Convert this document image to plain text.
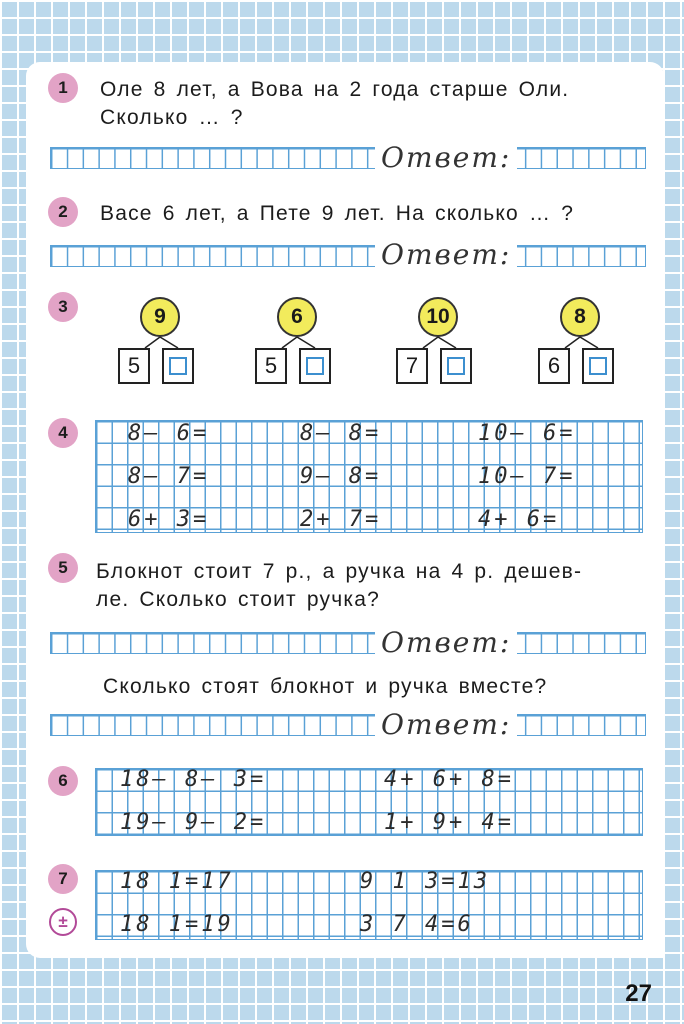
1	Оле 8 лет, а Вова на 2 года старше Оли.
Сколько … ?
Ответ:
2	Васе 6 лет, а Пете 9 лет. На сколько … ?
Ответ:
3	9
5
6
5
10
7
8
6
4	8– 6=	8– 8=	10– 6=
8– 7=	9– 8=	10– 7=
6+ 3=	2+ 7=	4+ 6=
5	Блокнот стоит 7 р., а ручка на 4 р. дешев-
ле. Сколько стоит ручка?
Ответ:
Сколько стоят блокнот и ручка вместе?
Ответ:
6	18– 8– 3=	4+ 6+ 8=
19– 9– 2=	1+ 9+ 4=
7
±
18 1=17	9 1 3=13
18 1=19	3 7 4=6
27
